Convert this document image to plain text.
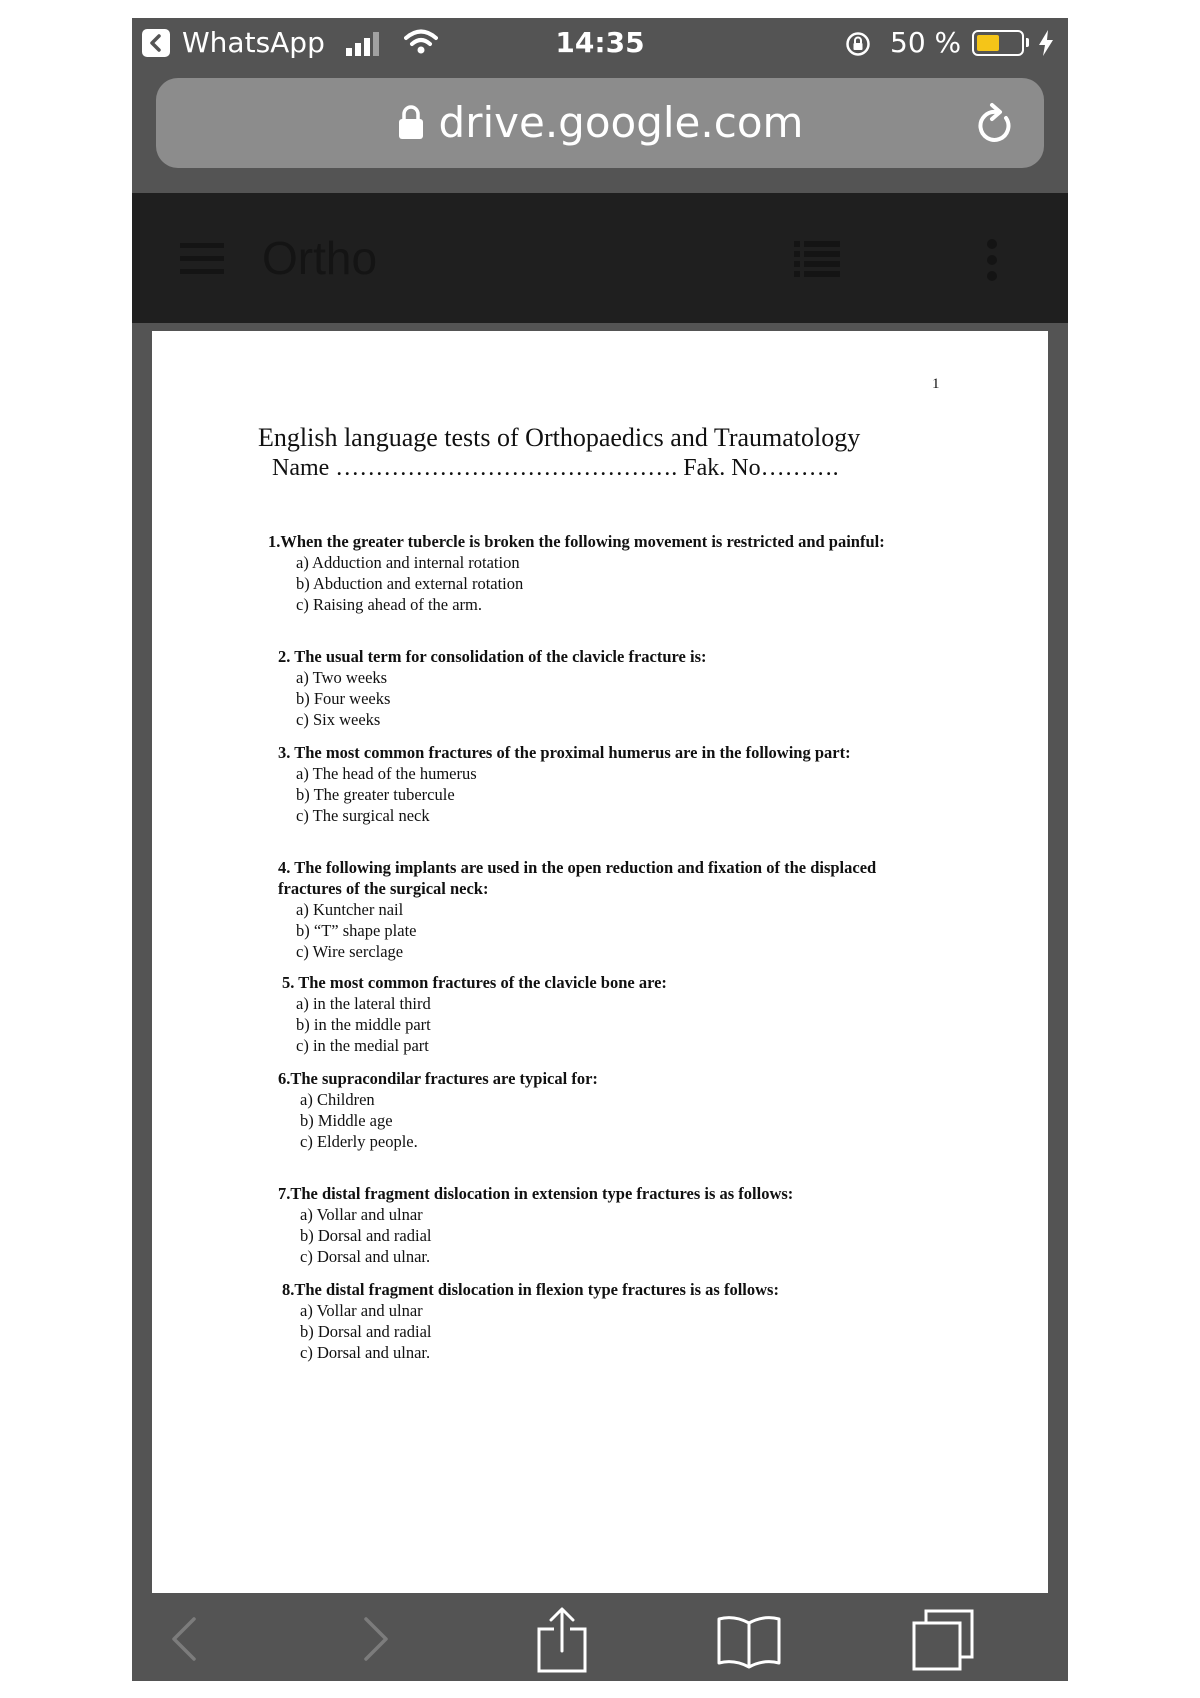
WhatsApp	14:35	50 %
drive.google.com
Ortho
1
English language tests of Orthopaedics and Traumatology
Name ……………………………………. Fak. No……….
1.When the greater tubercle is broken the following movement is restricted and painful:
a) Adduction and internal rotation
b) Abduction and external rotation
c) Raising ahead of the arm.
2. The usual term for consolidation of the clavicle fracture is:
a) Two weeks
b) Four weeks
c) Six weeks
3. The most common fractures of the proximal humerus are in the following part:
a) The head of the humerus
b) The greater tubercule
c) The surgical neck
4. The following implants are used in the open reduction and fixation of the displaced fractures of the surgical neck:
a) Kuntcher nail
b) “T” shape plate
c) Wire serclage
5. The most common fractures of the clavicle bone are:
a) in the lateral third
b) in the middle part
c) in the medial part
6.The supracondilar fractures are typical for:
a) Children
b) Middle age
c) Elderly people.
7.The distal fragment dislocation in extension type fractures is as follows:
a) Vollar and ulnar
b) Dorsal and radial
c) Dorsal and ulnar.
8.The distal fragment dislocation in flexion type fractures is as follows:
a) Vollar and ulnar
b) Dorsal and radial
c) Dorsal and ulnar.
